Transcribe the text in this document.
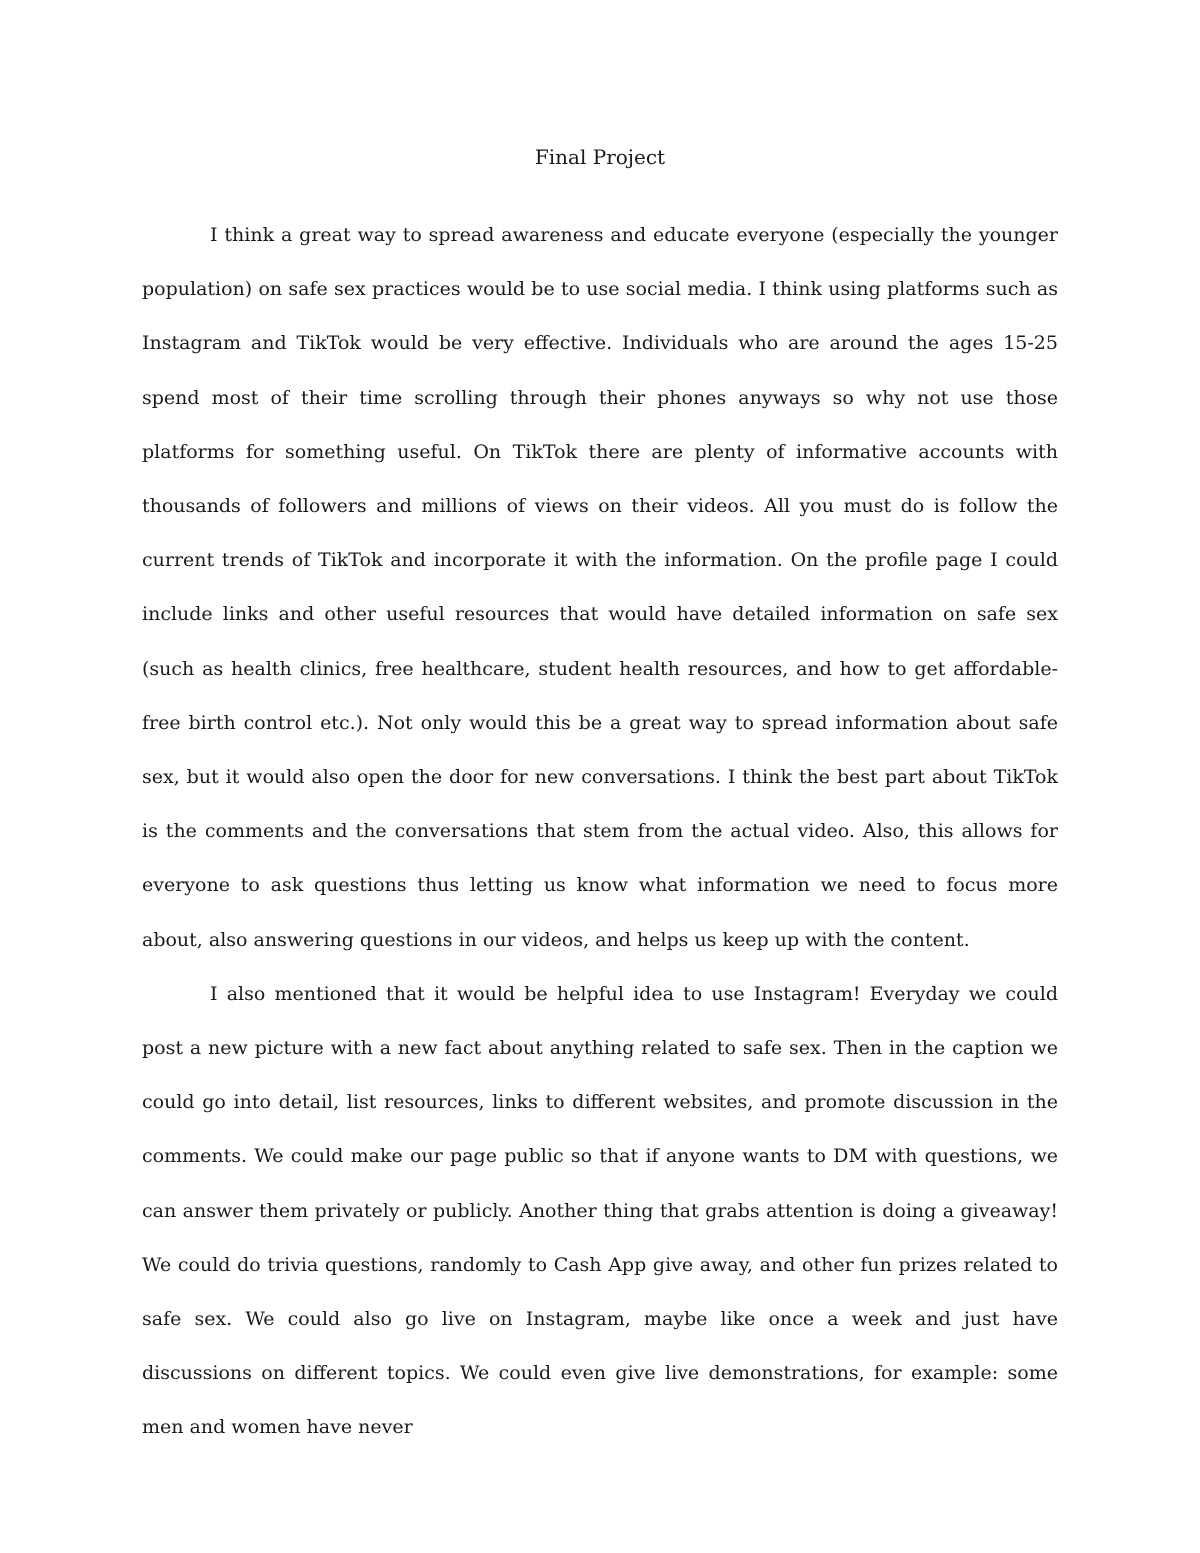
Final Project

I think a great way to spread awareness and educate everyone (especially the younger population) on safe sex practices would be to use social media. I think using platforms such as Instagram and TikTok would be very effective. Individuals who are around the ages 15-25 spend most of their time scrolling through their phones anyways so why not use those platforms for something useful. On TikTok there are plenty of informative accounts with thousands of followers and millions of views on their videos. All you must do is follow the current trends of TikTok and incorporate it with the information. On the profile page I could include links and other useful resources that would have detailed information on safe sex (such as health clinics, free healthcare, student health resources, and how to get affordable-free birth control etc.). Not only would this be a great way to spread information about safe sex, but it would also open the door for new conversations. I think the best part about TikTok is the comments and the conversations that stem from the actual video. Also, this allows for everyone to ask questions thus letting us know what information we need to focus more about, also answering questions in our videos, and helps us keep up with the content.

I also mentioned that it would be helpful idea to use Instagram! Everyday we could post a new picture with a new fact about anything related to safe sex. Then in the caption we could go into detail, list resources, links to different websites, and promote discussion in the comments. We could make our page public so that if anyone wants to DM with questions, we can answer them privately or publicly. Another thing that grabs attention is doing a giveaway! We could do trivia questions, randomly to Cash App give away, and other fun prizes related to safe sex. We could also go live on Instagram, maybe like once a week and just have discussions on different topics. We could even give live demonstrations, for example: some men and women have never
